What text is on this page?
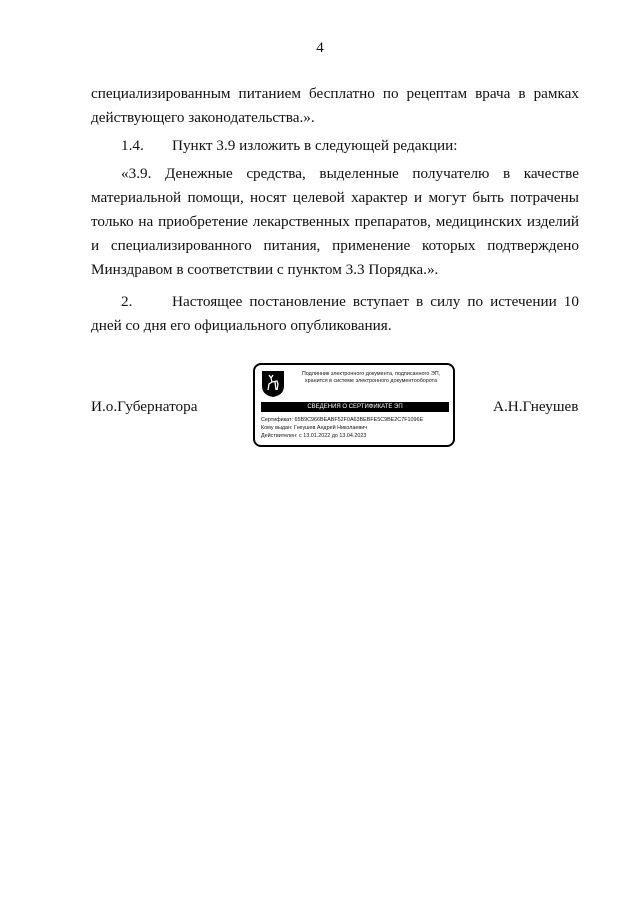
4
специализированным питанием бесплатно по рецептам врача в рамках
действующего законодательства.».
1.4. Пункт 3.9 изложить в следующей редакции:
«3.9. Денежные средства, выделенные получателю в качестве
материальной помощи, носят целевой характер и могут быть потрачены
только на приобретение лекарственных препаратов, медицинских изделий
и специализированного питания, применение которых подтверждено
Минздравом в соответствии с пунктом 3.3 Порядка.».
2.	Настоящее постановление вступает в силу по истечении 10
дней со дня его официального опубликования.
И.о.Губернатора
Подлинник электронного документа, подписанного ЭП,
хранится в системе электронного документооборота
СВЕДЕНИЯ О СЕРТИФИКАТЕ ЭП
Сертификат: 65B9C966BEABF52F0A63BEBFE5C9BE2C7F1096E
Кому выдан: Гнеушев Андрей Николаевич
Действителен: с 13.01.2022 до 13.04.2023
А.Н.Гнеушев
